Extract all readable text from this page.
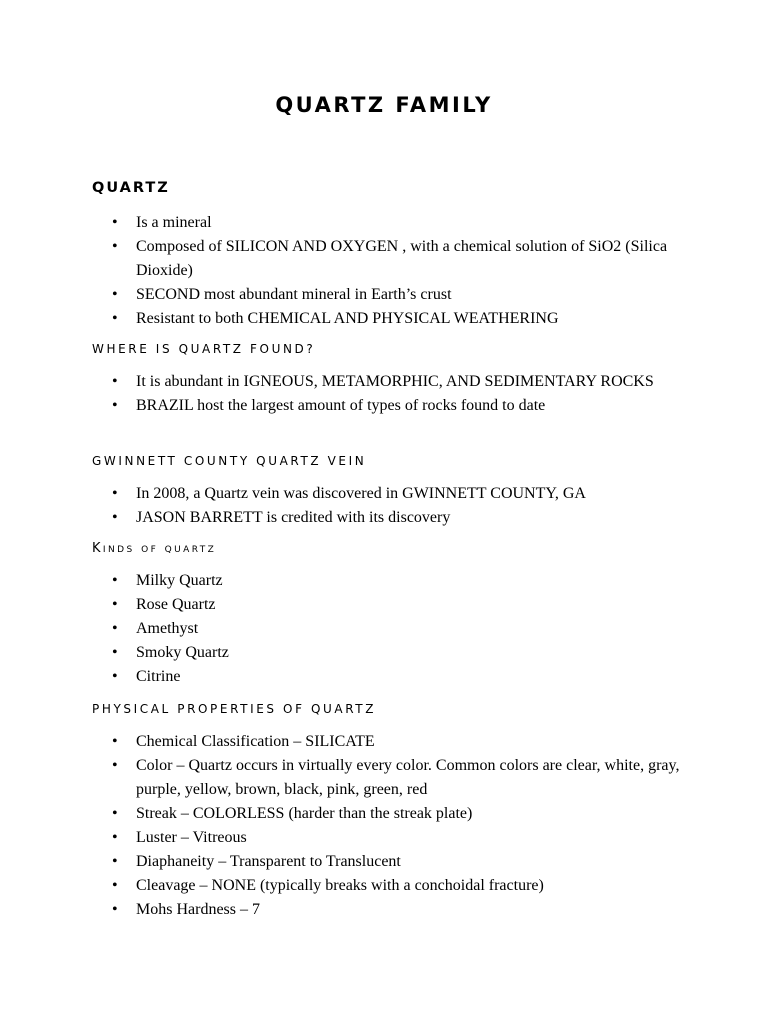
QUARTZ FAMILY
QUARTZ
• Is a mineral
• Composed of SILICON AND OXYGEN , with a chemical solution of SiO2 (Silica Dioxide)
• SECOND most abundant mineral in Earth’s crust
• Resistant to both CHEMICAL AND PHYSICAL WEATHERING
WHERE IS QUARTZ FOUND?
• It is abundant in IGNEOUS, METAMORPHIC, AND SEDIMENTARY ROCKS
• BRAZIL host the largest amount of types of rocks found to date
GWINNETT COUNTY QUARTZ VEIN
• In 2008, a Quartz vein was discovered in GWINNETT COUNTY, GA
• JASON BARRETT is credited with its discovery
Kinds of quartz
• Milky Quartz
• Rose Quartz
• Amethyst
• Smoky Quartz
• Citrine
PHYSICAL PROPERTIES OF QUARTZ
• Chemical Classification – SILICATE
• Color – Quartz occurs in virtually every color. Common colors are clear, white, gray, purple, yellow, brown, black, pink, green, red
• Streak – COLORLESS (harder than the streak plate)
• Luster – Vitreous
• Diaphaneity – Transparent to Translucent
• Cleavage – NONE (typically breaks with a conchoidal fracture)
• Mohs Hardness – 7
